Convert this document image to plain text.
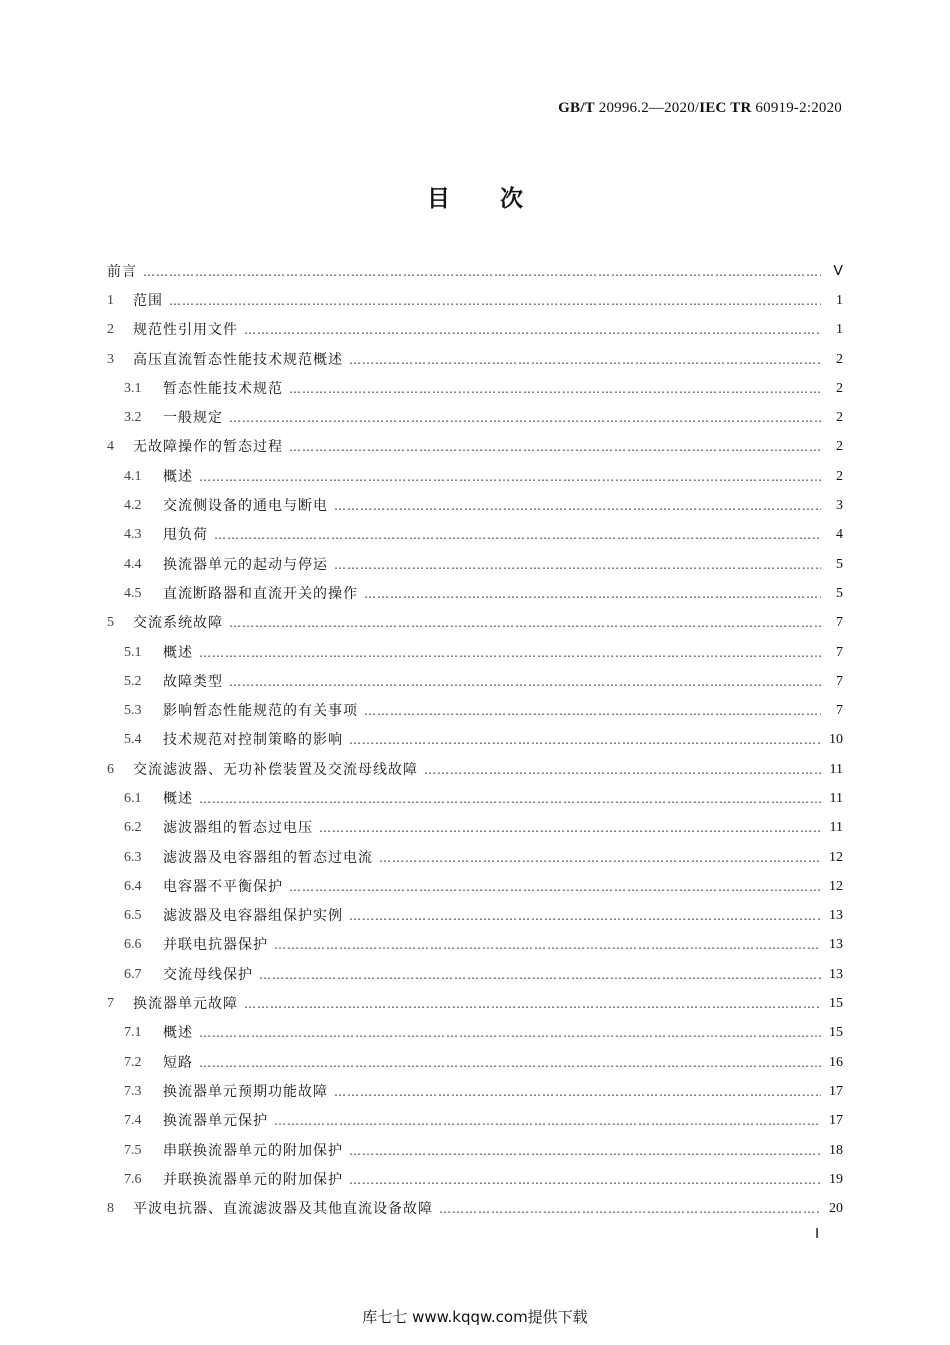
GB/T 20996.2—2020/IEC TR 60919-2:2020
目 次
前言 …………………………………………………………………………………………………………………………………………………………………………………………	Ⅴ
1	范围 …………………………………………………………………………………………………………………………………………………………………………………………	1
2	规范性引用文件 …………………………………………………………………………………………………………………………………………………………………………………………	1
3	高压直流暂态性能技术规范概述 …………………………………………………………………………………………………………………………………………………………………………………………	2
3.1	暂态性能技术规范 …………………………………………………………………………………………………………………………………………………………………………………………	2
3.2	一般规定 …………………………………………………………………………………………………………………………………………………………………………………………	2
4	无故障操作的暂态过程 …………………………………………………………………………………………………………………………………………………………………………………………	2
4.1	概述 …………………………………………………………………………………………………………………………………………………………………………………………	2
4.2	交流侧设备的通电与断电 …………………………………………………………………………………………………………………………………………………………………………………………	3
4.3	甩负荷 …………………………………………………………………………………………………………………………………………………………………………………………	4
4.4	换流器单元的起动与停运 …………………………………………………………………………………………………………………………………………………………………………………………	5
4.5	直流断路器和直流开关的操作 …………………………………………………………………………………………………………………………………………………………………………………………	5
5	交流系统故障 …………………………………………………………………………………………………………………………………………………………………………………………	7
5.1	概述 …………………………………………………………………………………………………………………………………………………………………………………………	7
5.2	故障类型 …………………………………………………………………………………………………………………………………………………………………………………………	7
5.3	影响暂态性能规范的有关事项 …………………………………………………………………………………………………………………………………………………………………………………………	7
5.4	技术规范对控制策略的影响 …………………………………………………………………………………………………………………………………………………………………………………………	10
6	交流滤波器、无功补偿装置及交流母线故障 …………………………………………………………………………………………………………………………………………………………………………………………	11
6.1	概述 …………………………………………………………………………………………………………………………………………………………………………………………	11
6.2	滤波器组的暂态过电压 …………………………………………………………………………………………………………………………………………………………………………………………	11
6.3	滤波器及电容器组的暂态过电流 …………………………………………………………………………………………………………………………………………………………………………………………	12
6.4	电容器不平衡保护 …………………………………………………………………………………………………………………………………………………………………………………………	12
6.5	滤波器及电容器组保护实例 …………………………………………………………………………………………………………………………………………………………………………………………	13
6.6	并联电抗器保护 …………………………………………………………………………………………………………………………………………………………………………………………	13
6.7	交流母线保护 …………………………………………………………………………………………………………………………………………………………………………………………	13
7	换流器单元故障 …………………………………………………………………………………………………………………………………………………………………………………………	15
7.1	概述 …………………………………………………………………………………………………………………………………………………………………………………………	15
7.2	短路 …………………………………………………………………………………………………………………………………………………………………………………………	16
7.3	换流器单元预期功能故障 …………………………………………………………………………………………………………………………………………………………………………………………	17
7.4	换流器单元保护 …………………………………………………………………………………………………………………………………………………………………………………………	17
7.5	串联换流器单元的附加保护 …………………………………………………………………………………………………………………………………………………………………………………………	18
7.6	并联换流器单元的附加保护 …………………………………………………………………………………………………………………………………………………………………………………………	19
8	平波电抗器、直流滤波器及其他直流设备故障 …………………………………………………………………………………………………………………………………………………………………………………………	20
Ⅰ
库七七 www.kqqw.com提供下载
